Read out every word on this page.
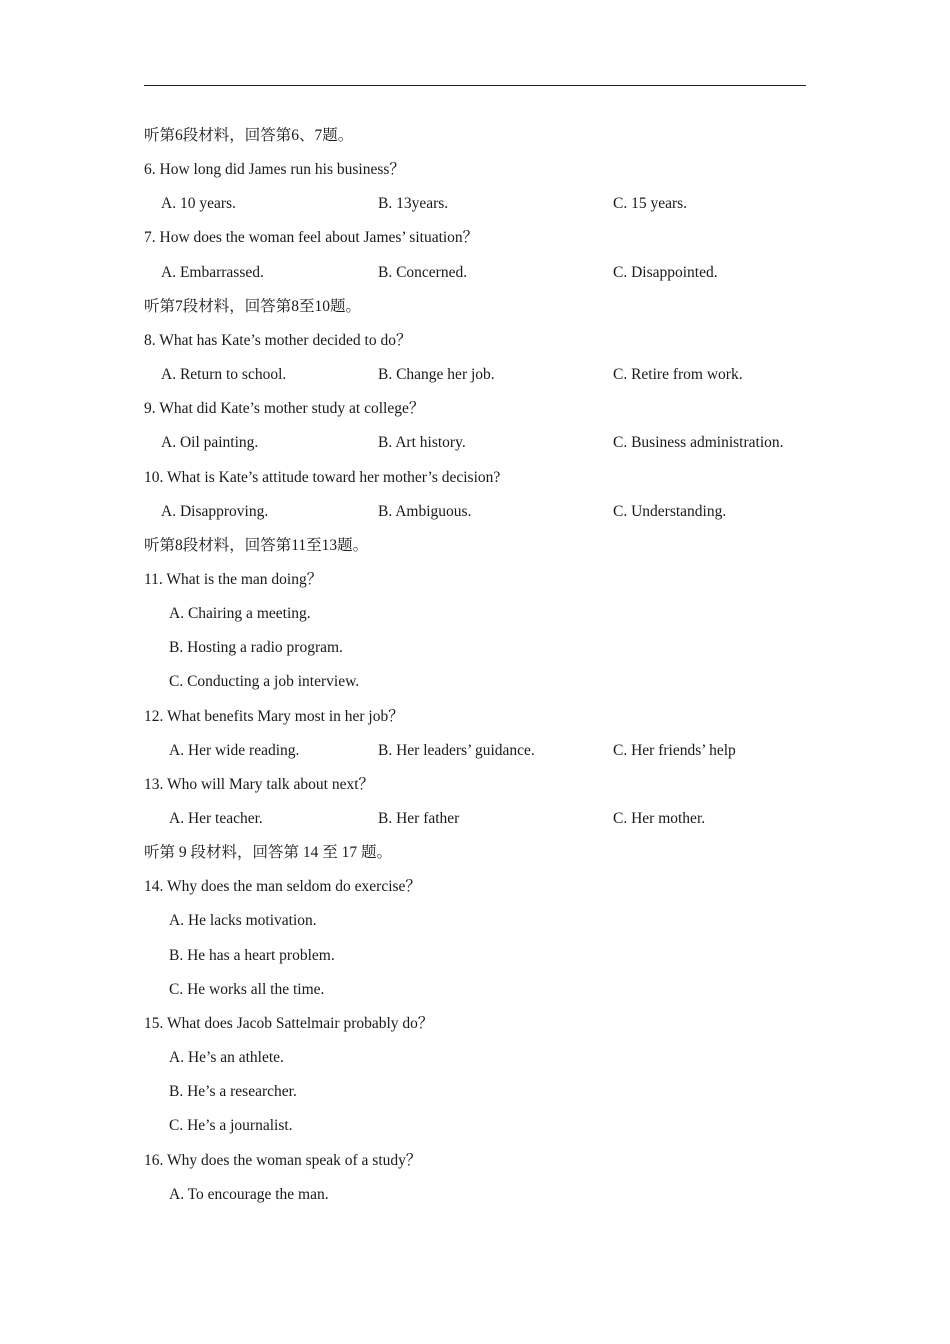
听第6段材料，回答第6、7题。
6. How long did James run his business？
A. 10 years.	B. 13years.	C. 15 years.
7. How does the woman feel about James’ situation？
A. Embarrassed.	B. Concerned.	C. Disappointed.
听第7段材料，回答第8至10题。
8. What has Kate’s mother decided to do？
A. Return to school.	B. Change her job.	C. Retire from work.
9. What did Kate’s mother study at college？
A. Oil painting.	B. Art history.	C. Business administration.
10. What is Kate’s attitude toward her mother’s decision?
A. Disapproving.	B. Ambiguous.	C. Understanding.
听第8段材料，回答第11至13题。
11. What is the man doing？
A. Chairing a meeting.
B. Hosting a radio program.
C. Conducting a job interview.
12. What benefits Mary most in her job？
A. Her wide reading.	B. Her leaders’ guidance.	C. Her friends’ help
13. Who will Mary talk about next？
A. Her teacher.	B. Her father	C. Her mother.
听第 9 段材料，回答第 14 至 17 题。
14. Why does the man seldom do exercise？
A. He lacks motivation.
B. He has a heart problem.
C. He works all the time.
15. What does Jacob Sattelmair probably do？
A. He’s an athlete.
B. He’s a researcher.
C. He’s a journalist.
16. Why does the woman speak of a study？
A. To encourage the man.
